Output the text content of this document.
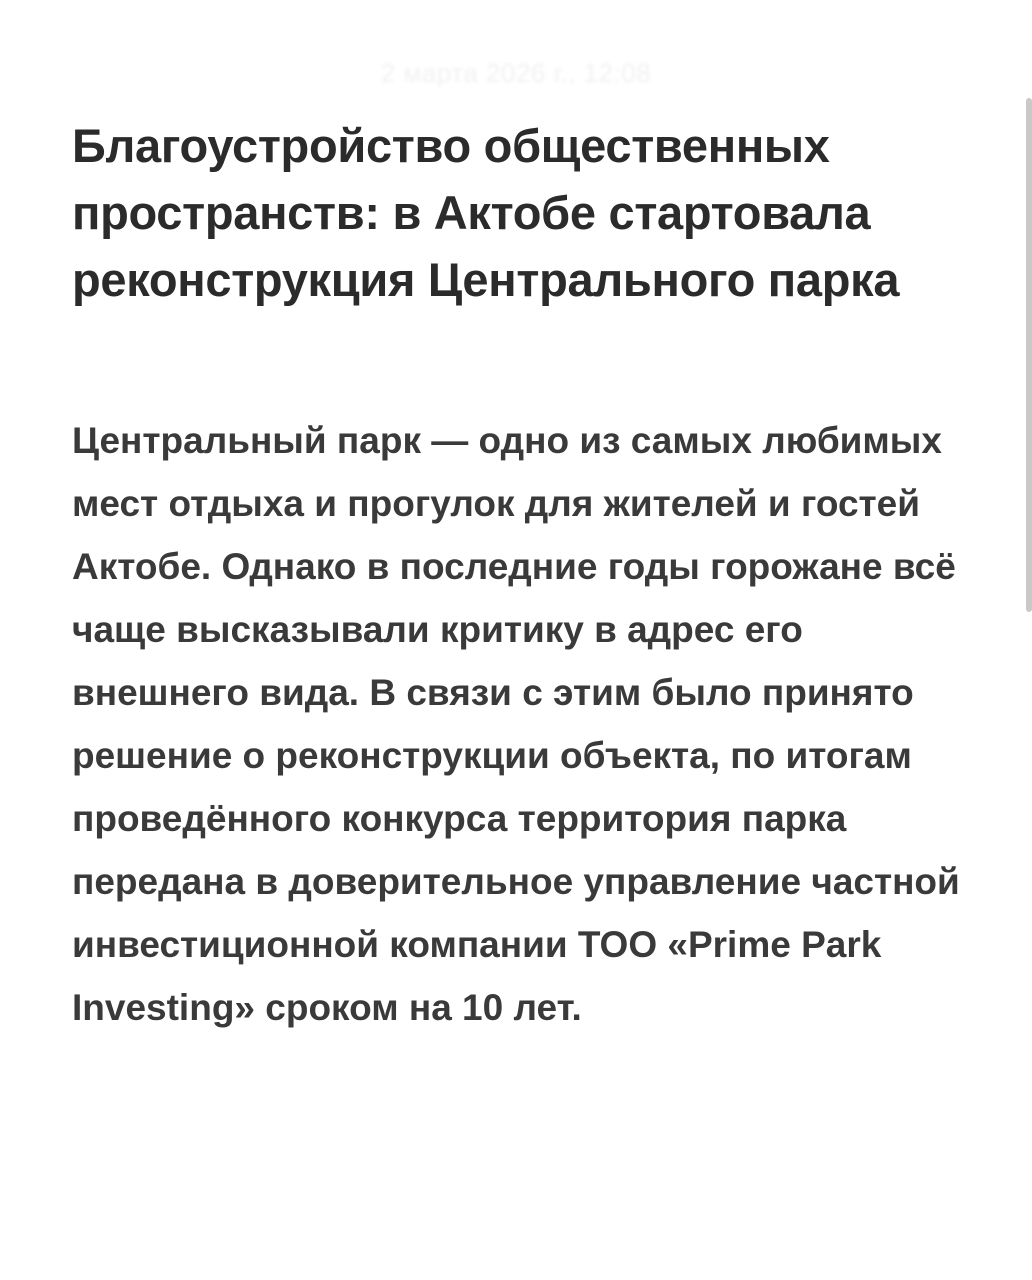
2 марта 2026 г., 12:08
Благоустройство общественных пространств: в Актобе стартовала реконструкция Центрального парка

Центральный парк — одно из самых любимых мест отдыха и прогулок для жителей и гостей Актобе. Однако в последние годы горожане всё чаще высказывали критику в адрес его внешнего вида. В связи с этим было принято решение о реконструкции объекта, по итогам проведённого конкурса территория парка передана в доверительное управление частной инвестиционной компании ТОО «Prime Park Investing» сроком на 10 лет.
